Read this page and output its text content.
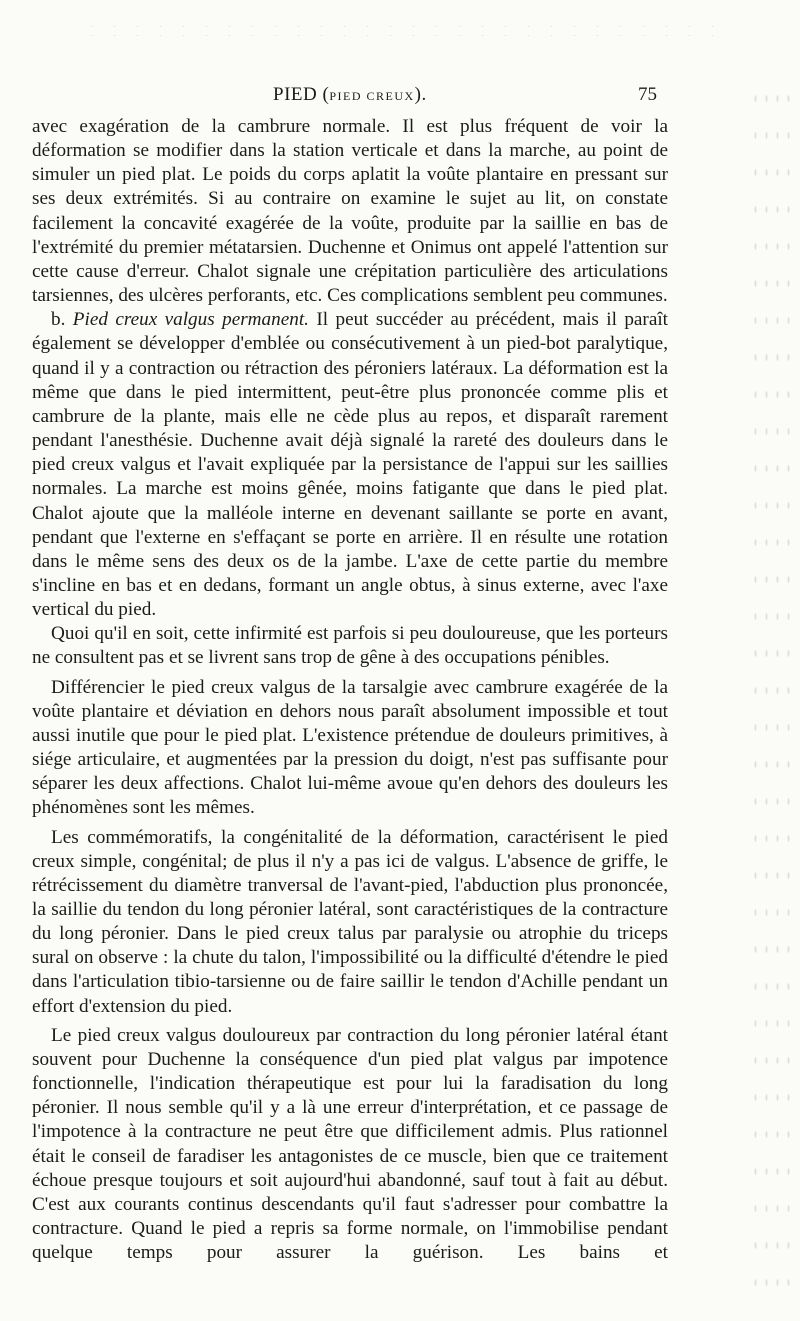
PIED (PIED CREUX).	75

avec exagération de la cambrure normale. Il est plus fréquent de voir la déformation se modifier dans la station verticale et dans la marche, au point de simuler un pied plat. Le poids du corps aplatit la voûte plantaire en pressant sur ses deux extrémités. Si au contraire on examine le sujet au lit, on constate facilement la concavité exagérée de la voûte, produite par la saillie en bas de l'extrémité du premier métatarsien. Duchenne et Onimus ont appelé l'attention sur cette cause d'erreur. Chalot signale une crépitation particulière des articulations tarsiennes, des ulcères perforants, etc. Ces complications semblent peu communes.

b. Pied creux valgus permanent. Il peut succéder au précédent, mais il paraît également se développer d'emblée ou consécutivement à un pied-bot paralytique, quand il y a contraction ou rétraction des péroniers latéraux. La déformation est la même que dans le pied intermittent, peut-être plus prononcée comme plis et cambrure de la plante, mais elle ne cède plus au repos, et disparaît rarement pendant l'anesthésie. Duchenne avait déjà signalé la rareté des douleurs dans le pied creux valgus et l'avait expliquée par la persistance de l'appui sur les saillies normales. La marche est moins gênée, moins fatigante que dans le pied plat. Chalot ajoute que la malléole interne en devenant saillante se porte en avant, pendant que l'externe en s'effaçant se porte en arrière. Il en résulte une rotation dans le même sens des deux os de la jambe. L'axe de cette partie du membre s'incline en bas et en dedans, formant un angle obtus, à sinus externe, avec l'axe vertical du pied.

Quoi qu'il en soit, cette infirmité est parfois si peu douloureuse, que les porteurs ne consultent pas et se livrent sans trop de gêne à des occupations pénibles.

Différencier le pied creux valgus de la tarsalgie avec cambrure exagérée de la voûte plantaire et déviation en dehors nous paraît absolument impossible et tout aussi inutile que pour le pied plat. L'existence prétendue de douleurs primitives, à siége articulaire, et augmentées par la pression du doigt, n'est pas suffisante pour séparer les deux affections. Chalot lui-même avoue qu'en dehors des douleurs les phénomènes sont les mêmes.

Les commémoratifs, la congénitalité de la déformation, caractérisent le pied creux simple, congénital; de plus il n'y a pas ici de valgus. L'absence de griffe, le rétrécissement du diamètre tranversal de l'avant-pied, l'abduction plus prononcée, la saillie du tendon du long péronier latéral, sont caractéristiques de la contracture du long péronier. Dans le pied creux talus par paralysie ou atrophie du triceps sural on observe : la chute du talon, l'impossibilité ou la difficulté d'étendre le pied dans l'articulation tibio-tarsienne ou de faire saillir le tendon d'Achille pendant un effort d'extension du pied.

Le pied creux valgus douloureux par contraction du long péronier latéral étant souvent pour Duchenne la conséquence d'un pied plat valgus par impotence fonctionnelle, l'indication thérapeutique est pour lui la faradisation du long péronier. Il nous semble qu'il y a là une erreur d'interprétation, et ce passage de l'impotence à la contracture ne peut être que difficilement admis. Plus rationnel était le conseil de faradiser les antagonistes de ce muscle, bien que ce traitement échoue presque toujours et soit aujourd'hui abandonné, sauf tout à fait au début. C'est aux courants continus descendants qu'il faut s'adresser pour combattre la contracture. Quand le pied a repris sa forme normale, on l'immobilise pendant quelque temps pour assurer la guérison. Les bains et
